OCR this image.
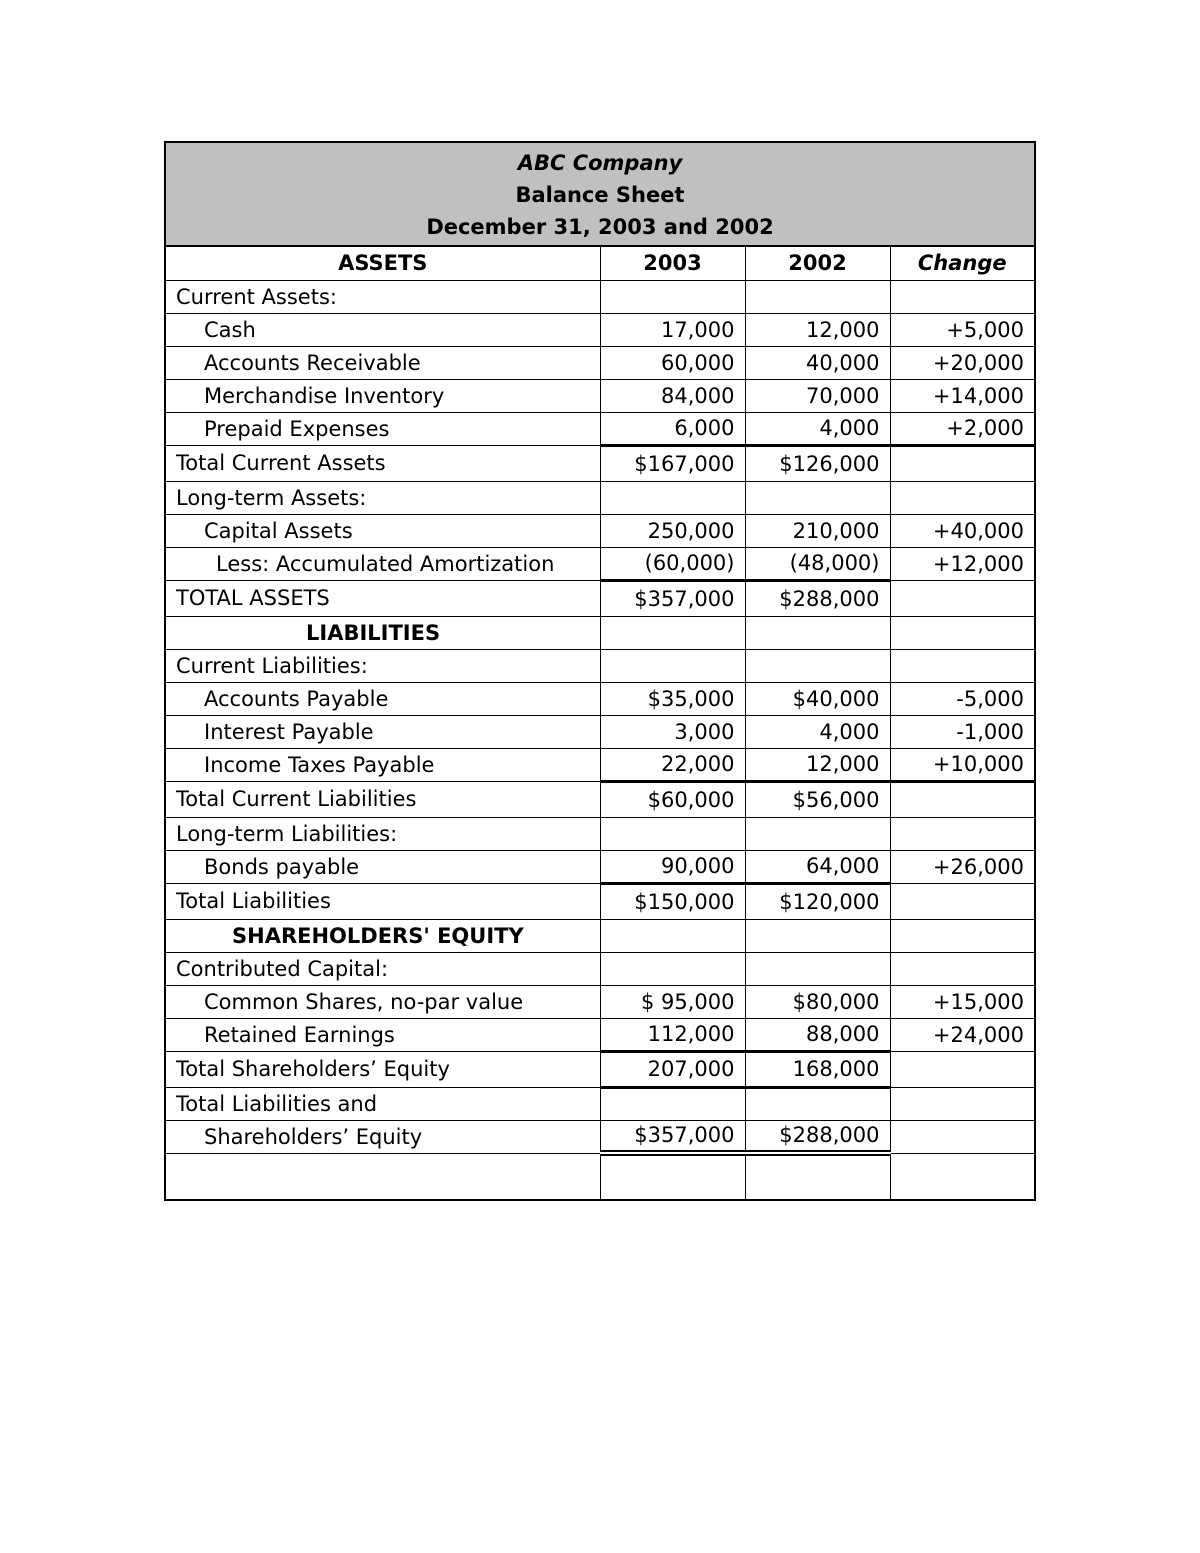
ABC Company
Balance Sheet
December 31, 2003 and 2002
ASSETS	2003	2002	Change
Current Assets:			
Cash	17,000	12,000	+5,000
Accounts Receivable	60,000	40,000	+20,000
Merchandise Inventory	84,000	70,000	+14,000
Prepaid Expenses	6,000	4,000	+2,000
Total Current Assets	$167,000	$126,000	
Long-term Assets:			
Capital Assets	250,000	210,000	+40,000
Less: Accumulated Amortization	(60,000)	(48,000)	+12,000
TOTAL ASSETS	$357,000	$288,000	
LIABILITIES			
Current Liabilities:			
Accounts Payable	$35,000	$40,000	-5,000
Interest Payable	3,000	4,000	-1,000
Income Taxes Payable	22,000	12,000	+10,000
Total Current Liabilities	$60,000	$56,000	
Long-term Liabilities:			
Bonds payable	90,000	64,000	+26,000
Total Liabilities	$150,000	$120,000	
SHAREHOLDERS' EQUITY			
Contributed Capital:			
Common Shares, no-par value	$ 95,000	$80,000	+15,000
Retained Earnings	112,000	88,000	+24,000
Total Shareholders’ Equity	207,000	168,000	
Total Liabilities and			
Shareholders’ Equity	$357,000	$288,000	
